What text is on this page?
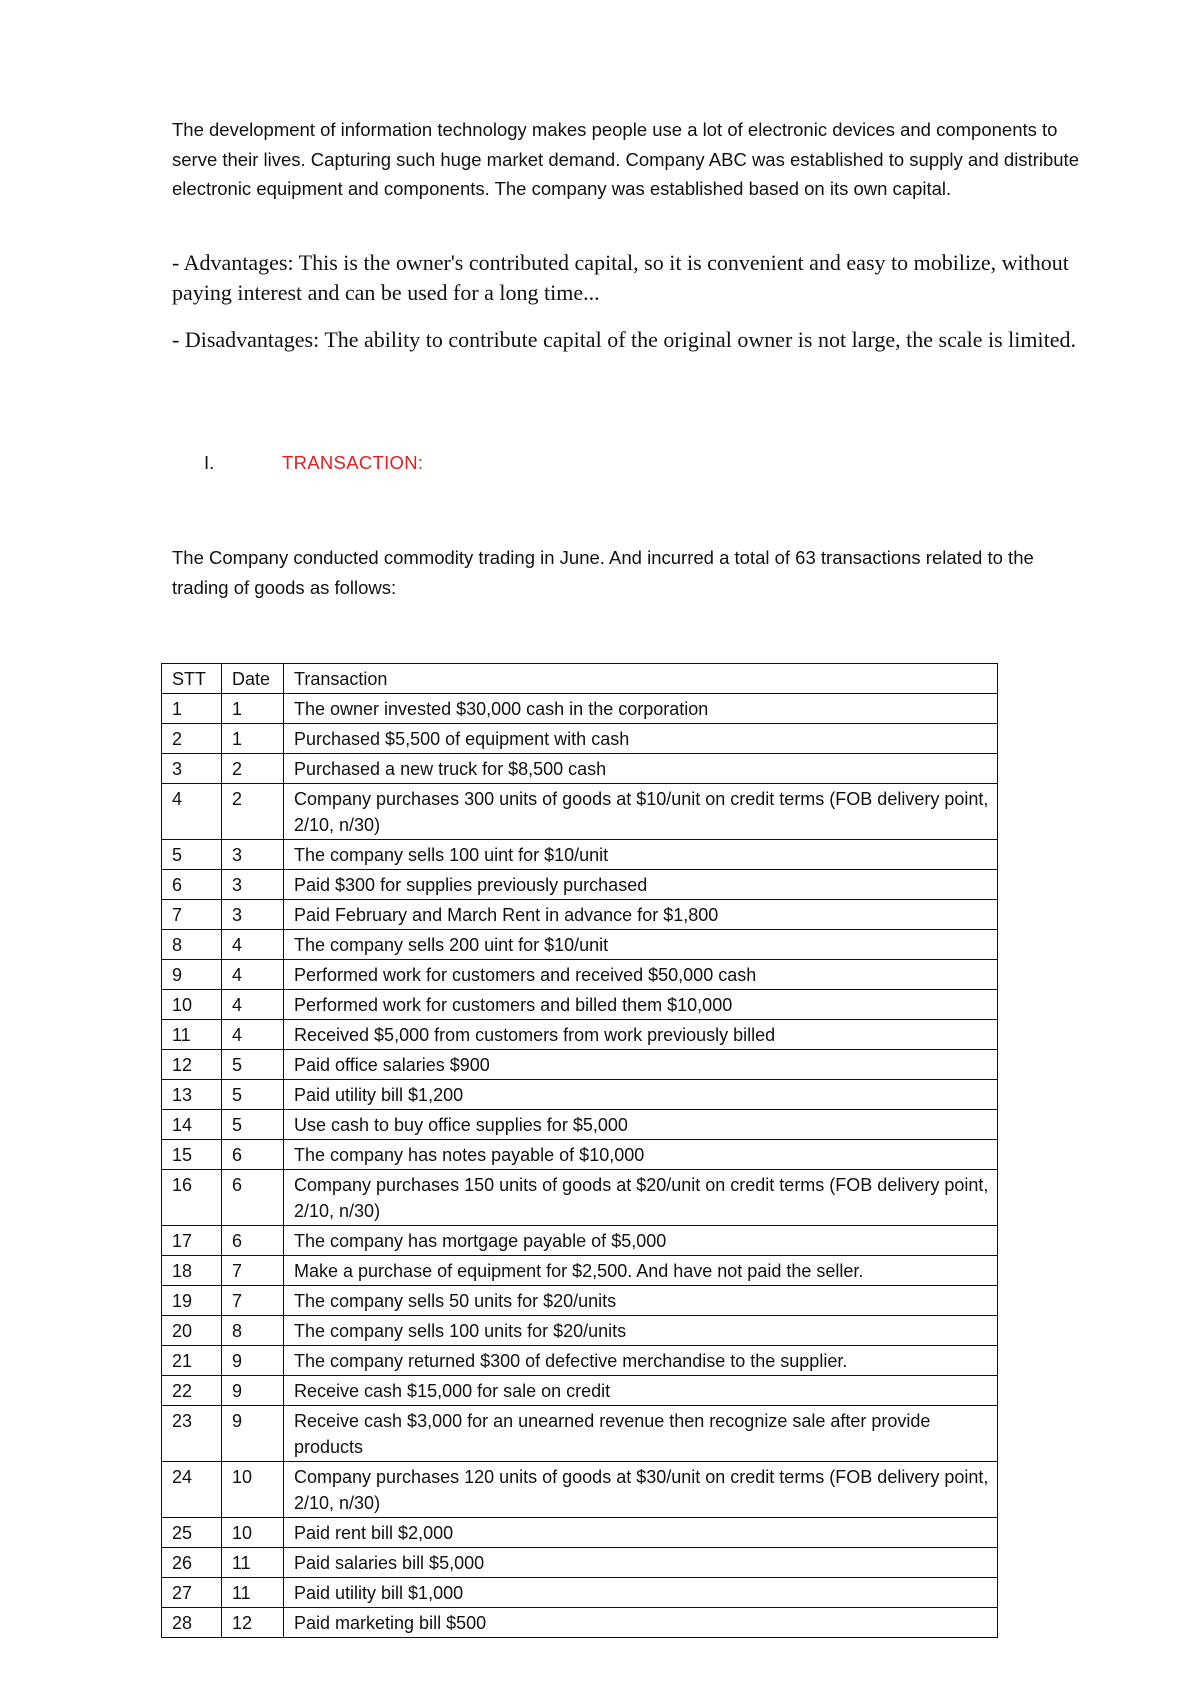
The development of information technology makes people use a lot of electronic devices and components to serve their lives. Capturing such huge market demand. Company ABC was established to supply and distribute electronic equipment and components. The company was established based on its own capital.
- Advantages: This is the owner's contributed capital, so it is convenient and easy to mobilize, without paying interest and can be used for a long time...
- Disadvantages: The ability to contribute capital of the original owner is not large, the scale is limited.
I.	TRANSACTION:
The Company conducted commodity trading in June. And incurred a total of 63 transactions related to the trading of goods as follows:
STT	Date	Transaction
1	1	The owner invested $30,000 cash in the corporation
2	1	Purchased $5,500 of equipment with cash
3	2	Purchased a new truck for $8,500 cash
4	2	Company purchases 300 units of goods at $10/unit on credit terms (FOB delivery point, 2/10, n/30)
5	3	The company sells 100 uint for $10/unit
6	3	Paid $300 for supplies previously purchased
7	3	Paid February and March Rent in advance for $1,800
8	4	The company sells 200 uint for $10/unit
9	4	Performed work for customers and received $50,000 cash
10	4	Performed work for customers and billed them $10,000
11	4	Received $5,000 from customers from work previously billed
12	5	Paid office salaries $900
13	5	Paid utility bill $1,200
14	5	Use cash to buy office supplies for $5,000
15	6	The company has notes payable of $10,000
16	6	Company purchases 150 units of goods at $20/unit on credit terms (FOB delivery point, 2/10, n/30)
17	6	The company has mortgage payable of $5,000
18	7	Make a purchase of equipment for $2,500. And have not paid the seller.
19	7	The company sells 50 units for $20/units
20	8	The company sells 100 units for $20/units
21	9	The company returned $300 of defective merchandise to the supplier.
22	9	Receive cash $15,000 for sale on credit
23	9	Receive cash $3,000 for an unearned revenue then recognize sale after provide products
24	10	Company purchases 120 units of goods at $30/unit on credit terms (FOB delivery point, 2/10, n/30)
25	10	Paid rent bill $2,000
26	11	Paid salaries bill $5,000
27	11	Paid utility bill $1,000
28	12	Paid marketing bill $500
